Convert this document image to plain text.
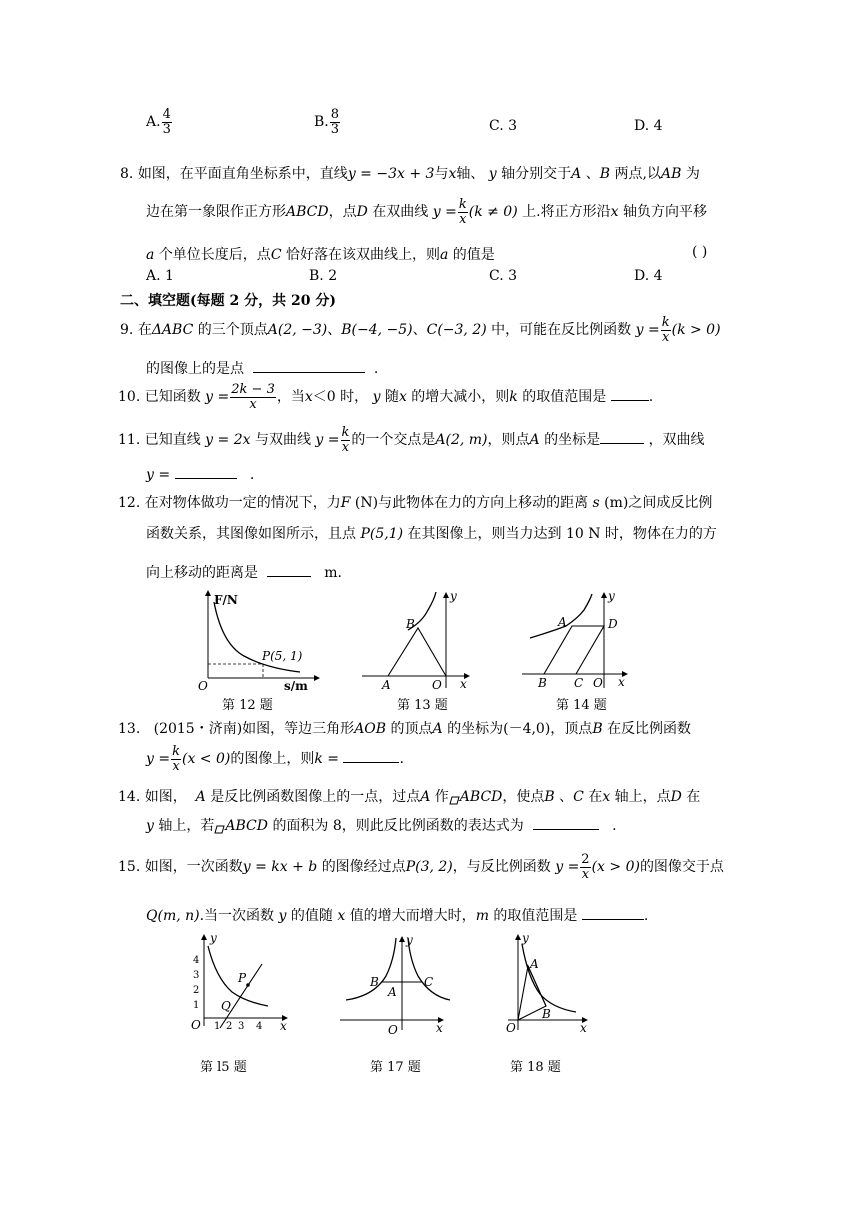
A. $\frac{4}{3}$	B. $\frac{8}{3}$	C. 3	D. 4
8. 如图，在平面直角坐标系中，直线y = −3x + 3与x轴、 y 轴分别交于A 、B 两点,以AB 为
边在第一象限作正方形ABCD，点D 在双曲线 $y = \frac{k}{x} (k \ne 0)$ 上.将正方形沿x 轴负方向平移
a 个单位长度后，点C 恰好落在该双曲线上，则a 的值是	( )
A. 1	B. 2	C. 3	D. 4
二、填空题(每题 2 分，共 20 分)
9. 在ΔABC 的三个顶点A(2, −3)、B(−4, −5)、C(−3, 2) 中，可能在反比例函数 $y = \frac{k}{x} (k > 0)$
的图像上的是点	.
10. 已知函数 $y = \frac{2k - 3}{x}$ ，当x＜0 时， y 随x 的增大减小，则k 的取值范围是	.
11. 已知直线 y = 2x 与双曲线 $y = \frac{k}{x}$ 的一个交点是A(2, m)，则点A 的坐标是	，双曲线
y =	.
12. 在对物体做功一定的情况下，力F (N)与此物体在力的方向上移动的距离 s (m)之间成反比例
函数关系，其图像如图所示，且点 P(5,1) 在其图像上，则当力达到 10 N 时，物体在力的方
向上移动的距离是	m.
F/N
s/m
O
P(5, 1)
第 12 题
x
y
O
A
B
第 13 题
x
y
O
A
B C
D
第 14 题
13. (2015・济南)如图，等边三角形AOB 的顶点A 的坐标为(－4,0)，顶点B 在反比例函数
$y = \frac{k}{x} (x < 0)$的图像上，则k =	.
14. 如图， A 是反比例函数图像上的一点，过点A 作 ABCD，使点B 、C 在x 轴上，点D 在
y 轴上，若 ABCD 的面积为 8，则此反比例函数的表达式为	.
15. 如图，一次函数y = kx + b 的图像经过点P(3, 2)，与反比例函数 $y = \frac{2}{x} (x > 0)$的图像交于点
Q(m, n).当一次函数 y 的值随 x 值的增大而增大时，m 的取值范围是	.
1 2 3 4
4
3
2
1
x
y
O
P
Q
第 l5 题
x
y
O
A
B	C
第 17 题
x
y
O
A
B
第 18 题
